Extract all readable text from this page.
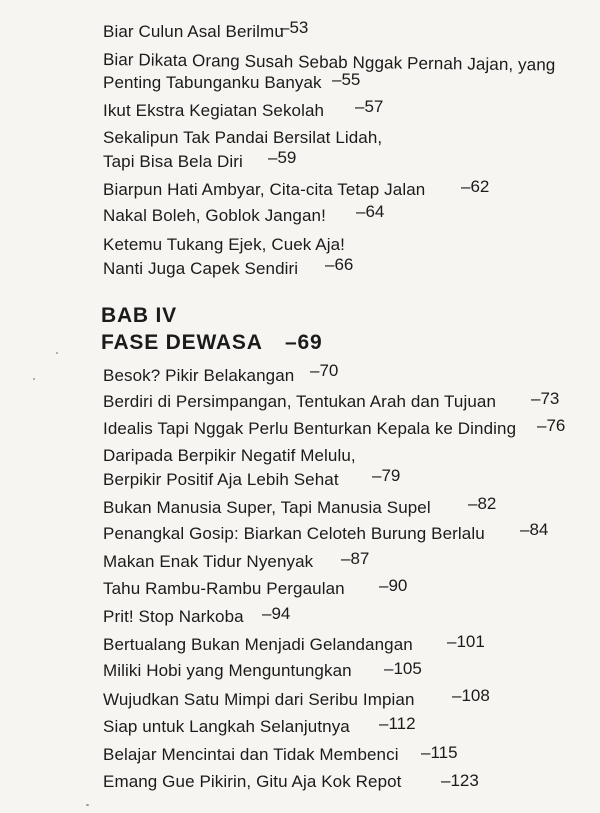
Biar Culun Asal Berilmu
–53
Biar Dikata Orang Susah Sebab Nggak Pernah Jajan, yang
Penting Tabunganku Banyak –55
Ikut Ekstra Kegiatan Sekolah –57
Sekalipun Tak Pandai Bersilat Lidah,
Tapi Bisa Bela Diri –59
Biarpun Hati Ambyar, Cita-cita Tetap Jalan –62
Nakal Boleh, Goblok Jangan! –64
Ketemu Tukang Ejek, Cuek Aja!
Nanti Juga Capek Sendiri –66
BAB IV
FASE DEWASA –69
Besok? Pikir Belakangan –70
Berdiri di Persimpangan, Tentukan Arah dan Tujuan –73
Idealis Tapi Nggak Perlu Benturkan Kepala ke Dinding –76
Daripada Berpikir Negatif Melulu,
Berpikir Positif Aja Lebih Sehat –79
Bukan Manusia Super, Tapi Manusia Supel –82
Penangkal Gosip: Biarkan Celoteh Burung Berlalu –84
Makan Enak Tidur Nyenyak –87
Tahu Rambu-Rambu Pergaulan –90
Prit! Stop Narkoba –94
Bertualang Bukan Menjadi Gelandangan –101
Miliki Hobi yang Menguntungkan –105
Wujudkan Satu Mimpi dari Seribu Impian –108
Siap untuk Langkah Selanjutnya –112
Belajar Mencintai dan Tidak Membenci –115
Emang Gue Pikirin, Gitu Aja Kok Repot –123
